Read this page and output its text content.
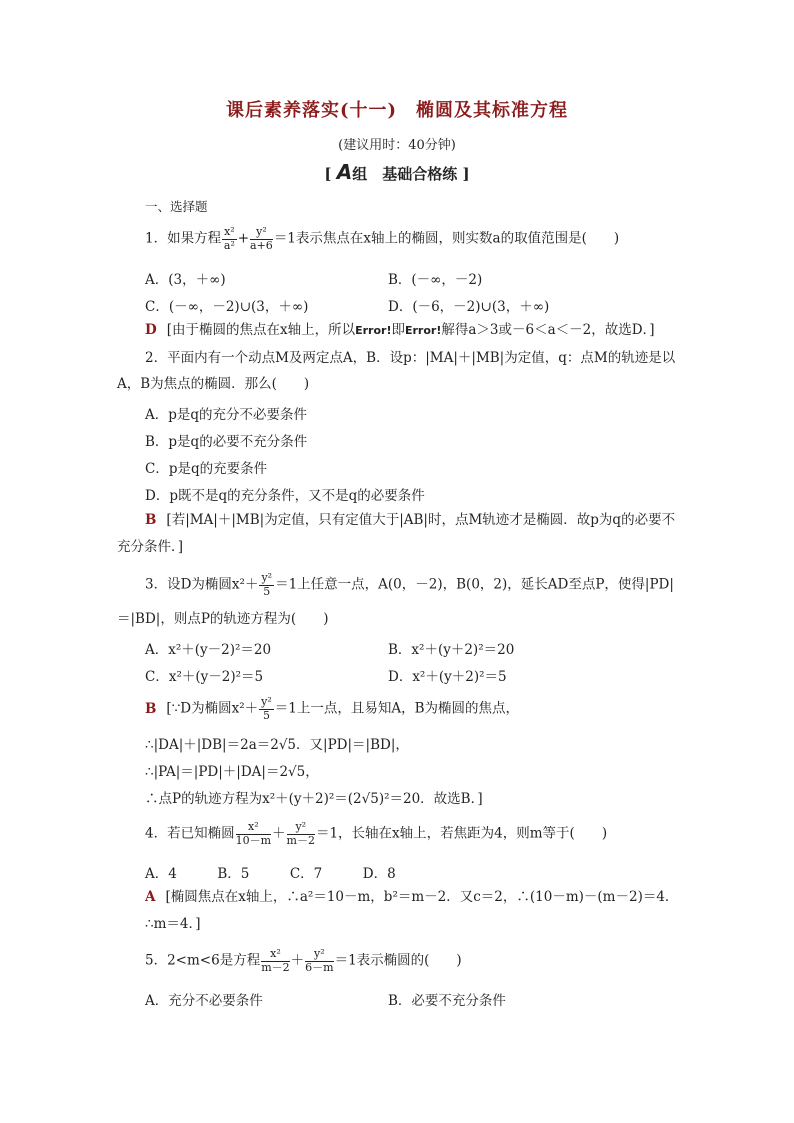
课后素养落实(十一)　椭圆及其标准方程
(建议用时：40分钟)
[ A组　基础合格练 ]
一、选择题
1．如果方程 $\frac{\text{x²}}{\text{a²}} + \frac{\text{y²}}{a+6} =1$表示焦点在x轴上的椭圆，则实数a的取值范围是(　　)
A．(3，＋∞)	B．(－∞，－2)
C．(－∞，－2)∪(3，＋∞)	D．(－6，－2)∪(3，＋∞)
D [由于椭圆的焦点在x轴上，所以Error!即Error!解得a＞3或－6＜a＜－2，故选D．]
2．平面内有一个动点M及两定点A，B．设p：|MA|＋|MB|为定值，q：点M的轨迹是以
A，B为焦点的椭圆．那么(　　)
A．p是q的充分不必要条件
B．p是q的必要不充分条件
C．p是q的充要条件
D．p既不是q的充分条件，又不是q的必要条件
B [若|MA|＋|MB|为定值，只有定值大于|AB|时，点M轨迹才是椭圆．故p为q的必要不
充分条件．]
3．设D为椭圆$x^2+ \frac{\text{y²}}{5} =1$上任意一点，A(0，－2)，B(0，2)，延长AD至点P，使得|PD|
＝|BD|，则点P的轨迹方程为(　　)
A．x²＋(y－2)²＝20	B．x²＋(y＋2)²＝20
C．x²＋(y－2)²＝5	D．x²＋(y＋2)²＝5
B [∵D为椭圆$x^2+ \frac{\text{y²}}{5} =1$上一点，且易知A，B为椭圆的焦点，
∴|DA|＋|DB|＝2a＝2√5．又|PD|＝|BD|，
∴|PA|＝|PD|＋|DA|＝2√5，
∴点P的轨迹方程为x²＋(y＋2)²＝(2√5)²＝20．故选B．]
4．若已知椭圆 $\frac{\text{x²}}{10-m} + \frac{\text{y²}}{m-2} =1$，长轴在x轴上，若焦距为4，则m等于(　　)
A．4　　　B．5　　　C．7　　　D．8
A [椭圆焦点在x轴上，∴a²＝10－m，b²＝m－2．又c＝2，∴(10－m)－(m－2)＝4．
∴m＝4．]
5．2<m<6是方程 $\frac{\text{x²}}{m-2} + \frac{\text{y²}}{6-m} =1$表示椭圆的(　　)
A．充分不必要条件	B．必要不充分条件
